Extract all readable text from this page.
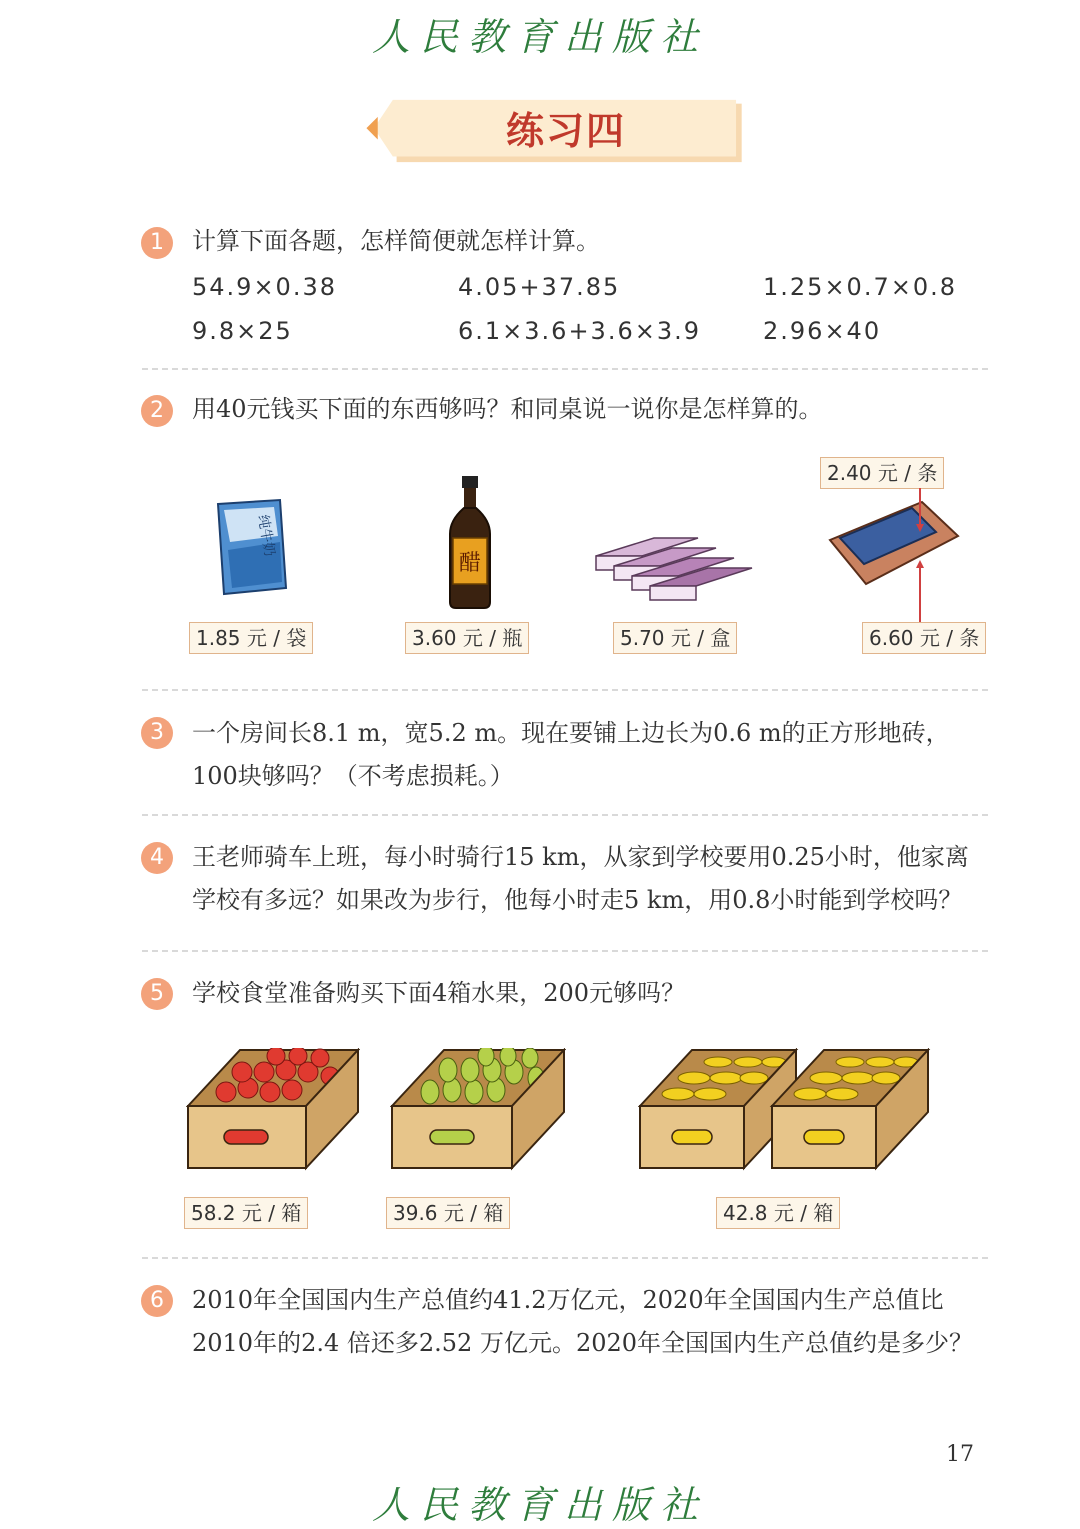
人民教育出版社
练习四
1	计算下面各题，怎样简便就怎样计算。
54.9×0.38	4.05+37.85	1.25×0.7×0.8
9.8×25	6.1×3.6+3.6×3.9	2.96×40
2	用40元钱买下面的东西够吗？和同桌说一说你是怎样算的。
纯牛奶
1.85 元 / 袋
醋
3.60 元 / 瓶	5.70 元 / 盒
2.40 元 / 条
6.60 元 / 条
3	一个房间长8.1 m，宽5.2 m。现在要铺上边长为0.6 m的正方形地砖，
100块够吗？（不考虑损耗。）
4	王老师骑车上班，每小时骑行15 km，从家到学校要用0.25小时，他家离
学校有多远？如果改为步行，他每小时走5 km，用0.8小时能到学校吗？
5	学校食堂准备购买下面4箱水果，200元够吗？
58.2 元 / 箱	39.6 元 / 箱	42.8 元 / 箱
6	2010年全国国内生产总值约41.2万亿元，2020年全国国内生产总值比
2010年的2.4 倍还多2.52 万亿元。2020年全国国内生产总值约是多少？
17
人民教育出版社
